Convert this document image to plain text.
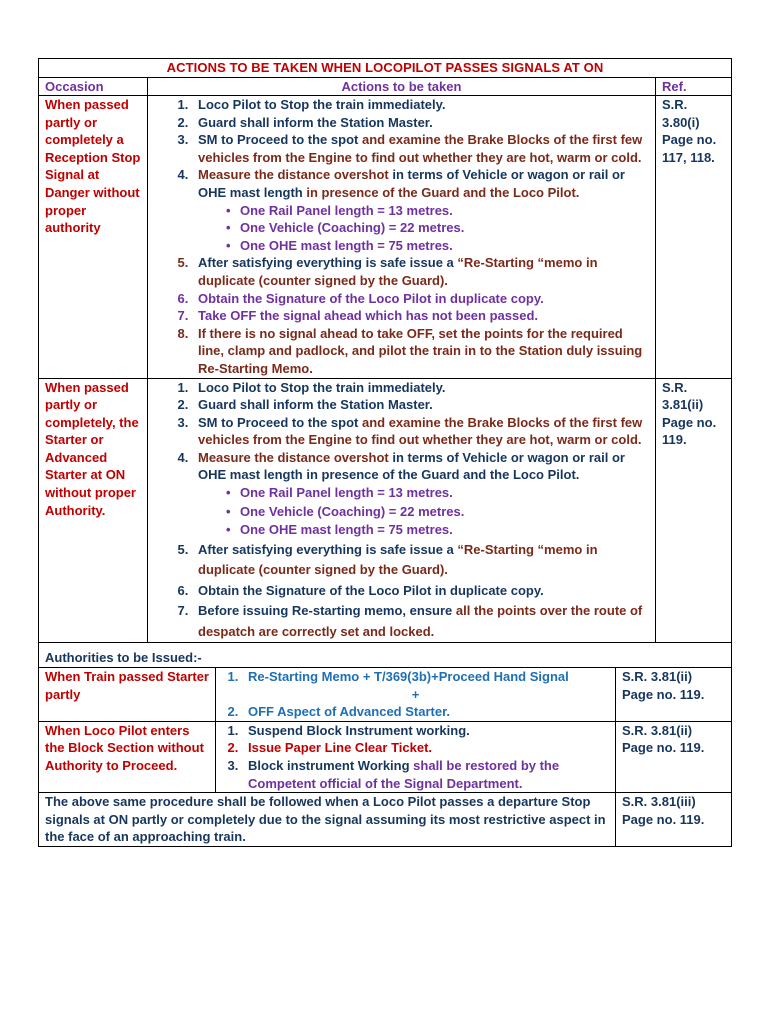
ACTIONS TO BE TAKEN WHEN LOCOPILOT PASSES SIGNALS AT ON
Occasion	Actions to be taken	Ref.
When passed partly or completely a Reception Stop Signal at Danger without proper authority
1. Loco Pilot to Stop the train immediately.
2. Guard shall inform the Station Master.
3. SM to Proceed to the spot and examine the Brake Blocks of the first few vehicles from the Engine to find out whether they are hot, warm or cold.
4. Measure the distance overshot in terms of Vehicle or wagon or rail or OHE mast length in presence of the Guard and the Loco Pilot.
• One Rail Panel length = 13 metres.
• One Vehicle (Coaching) = 22 metres.
• One OHE mast length = 75 metres.
5. After satisfying everything is safe issue a “Re-Starting “memo in duplicate (counter signed by the Guard).
6. Obtain the Signature of the Loco Pilot in duplicate copy.
7. Take OFF the signal ahead which has not been passed.
8. If there is no signal ahead to take OFF, set the points for the required line, clamp and padlock, and pilot the train in to the Station duly issuing Re-Starting Memo.
S.R. 3.80(i) Page no. 117, 118.
When passed partly or completely, the Starter or Advanced Starter at ON without proper Authority.
1. Loco Pilot to Stop the train immediately.
2. Guard shall inform the Station Master.
3. SM to Proceed to the spot and examine the Brake Blocks of the first few vehicles from the Engine to find out whether they are hot, warm or cold.
4. Measure the distance overshot in terms of Vehicle or wagon or rail or OHE mast length in presence of the Guard and the Loco Pilot.
• One Rail Panel length = 13 metres.
• One Vehicle (Coaching) = 22 metres.
• One OHE mast length = 75 metres.
5. After satisfying everything is safe issue a “Re-Starting “memo in duplicate (counter signed by the Guard).
6. Obtain the Signature of the Loco Pilot in duplicate copy.
7. Before issuing Re-starting memo, ensure all the points over the route of despatch are correctly set and locked.
S.R. 3.81(ii) Page no. 119.
Authorities to be Issued:-
When Train passed Starter partly
1. Re-Starting Memo + T/369(3b)+Proceed Hand Signal
+
2. OFF Aspect of Advanced Starter.
S.R. 3.81(ii) Page no. 119.
When Loco Pilot enters the Block Section without Authority to Proceed.
1. Suspend Block Instrument working.
2. Issue Paper Line Clear Ticket.
3. Block instrument Working shall be restored by the Competent official of the Signal Department.
S.R. 3.81(ii) Page no. 119.
The above same procedure shall be followed when a Loco Pilot passes a departure Stop signals at ON partly or completely due to the signal assuming its most restrictive aspect in the face of an approaching train.
S.R. 3.81(iii) Page no. 119.
